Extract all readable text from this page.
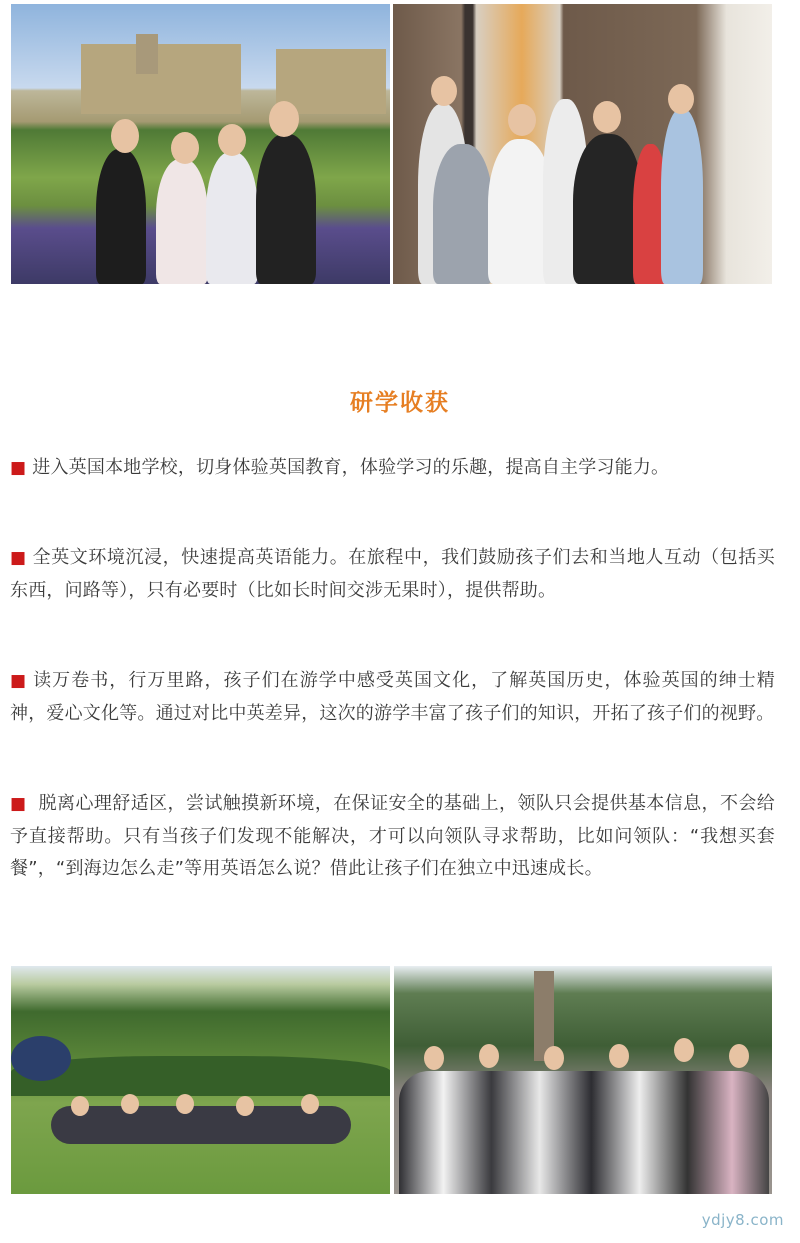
研学收获

■ 进入英国本地学校，切身体验英国教育，体验学习的乐趣，提高自主学习能力。

■ 全英文环境沉浸，快速提高英语能力。在旅程中，我们鼓励孩子们去和当地人互动（包括买东西，问路等），只有必要时（比如长时间交涉无果时），提供帮助。

■ 读万卷书，行万里路，孩子们在游学中感受英国文化，了解英国历史，体验英国的绅士精神，爱心文化等。通过对比中英差异，这次的游学丰富了孩子们的知识，开拓了孩子们的视野。

■ 脱离心理舒适区，尝试触摸新环境，在保证安全的基础上，领队只会提供基本信息，不会给予直接帮助。只有当孩子们发现不能解决，才可以向领队寻求帮助，比如问领队：“我想买套餐”，“到海边怎么走”等用英语怎么说？借此让孩子们在独立中迅速成长。

ydjy8.com
